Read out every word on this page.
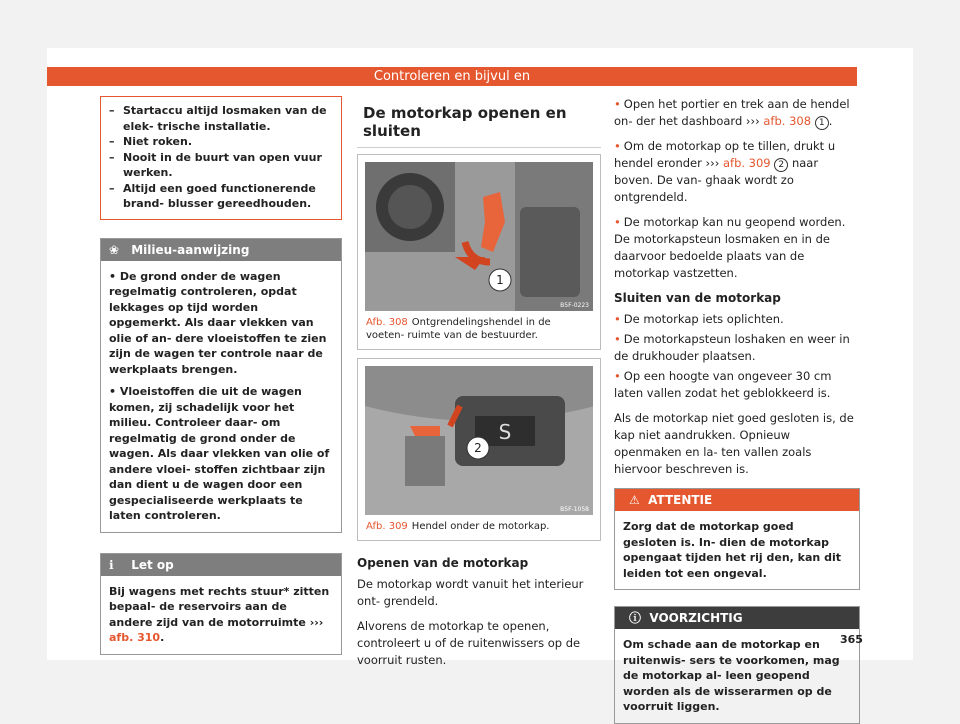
Controleren en bijvul en
– Startaccu altijd losmaken van de elek- trische installatie.
– Niet roken.
– Nooit in de buurt van open vuur werken.
– Altijd een goed functionerende brand- blusser gereedhouden.
❀ Milieu-aanwijzing

• De grond onder de wagen regelmatig controleren, opdat lekkages op tijd worden opgemerkt. Als daar vlekken van olie of an- dere vloeistoffen te zien zijn de wagen ter controle naar de werkplaats brengen.

• Vloeistoffen die uit de wagen komen, zij schadelijk voor het milieu. Controleer daar- om regelmatig de grond onder de wagen. Als daar vlekken van olie of andere vloei- stoffen zichtbaar zijn dan dient u de wagen door een gespecialiseerde werkplaats te laten controleren.

ℹ Let op

Bij wagens met rechts stuur* zitten bepaal- de reservoirs aan de andere zijd van de motorruimte ››› afb. 310.

De motorkap openen en sluiten
1
B5F-0223
Afb. 308 Ontgrendelingshendel in de voeten- ruimte van de bestuurder.
S
2
B5F-1058
Afb. 309 Hendel onder de motorkap.

Openen van de motorkap

De motorkap wordt vanuit het interieur ont- grendeld.

Alvorens de motorkap te openen, controleert u of de ruitenwissers op de voorruit rusten.

• Open het portier en trek aan de hendel on- der het dashboard ››› afb. 308 1 .

• Om de motorkap op te tillen, drukt u hendel eronder ››› afb. 309 2 naar boven. De van- ghaak wordt zo ontgrendeld.

• De motorkap kan nu geopend worden. De motorkapsteun losmaken en in de daarvoor bedoelde plaats van de motorkap vastzetten.

Sluiten van de motorkap

• De motorkap iets oplichten.

• De motorkapsteun loshaken en weer in de drukhouder plaatsen.

• Op een hoogte van ongeveer 30 cm laten vallen zodat het geblokkeerd is.

Als de motorkap niet goed gesloten is, de kap niet aandrukken. Opnieuw openmaken en la- ten vallen zoals hiervoor beschreven is.

⚠ ATTENTIE
Zorg dat de motorkap goed gesloten is. In- dien de motorkap opengaat tijden het rij den, kan dit leiden tot een ongeval.
ⓘ VOORZICHTIG
Om schade aan de motorkap en ruitenwis- sers te voorkomen, mag de motorkap al- leen geopend worden als de wisserarmen op de voorruit liggen.
365
